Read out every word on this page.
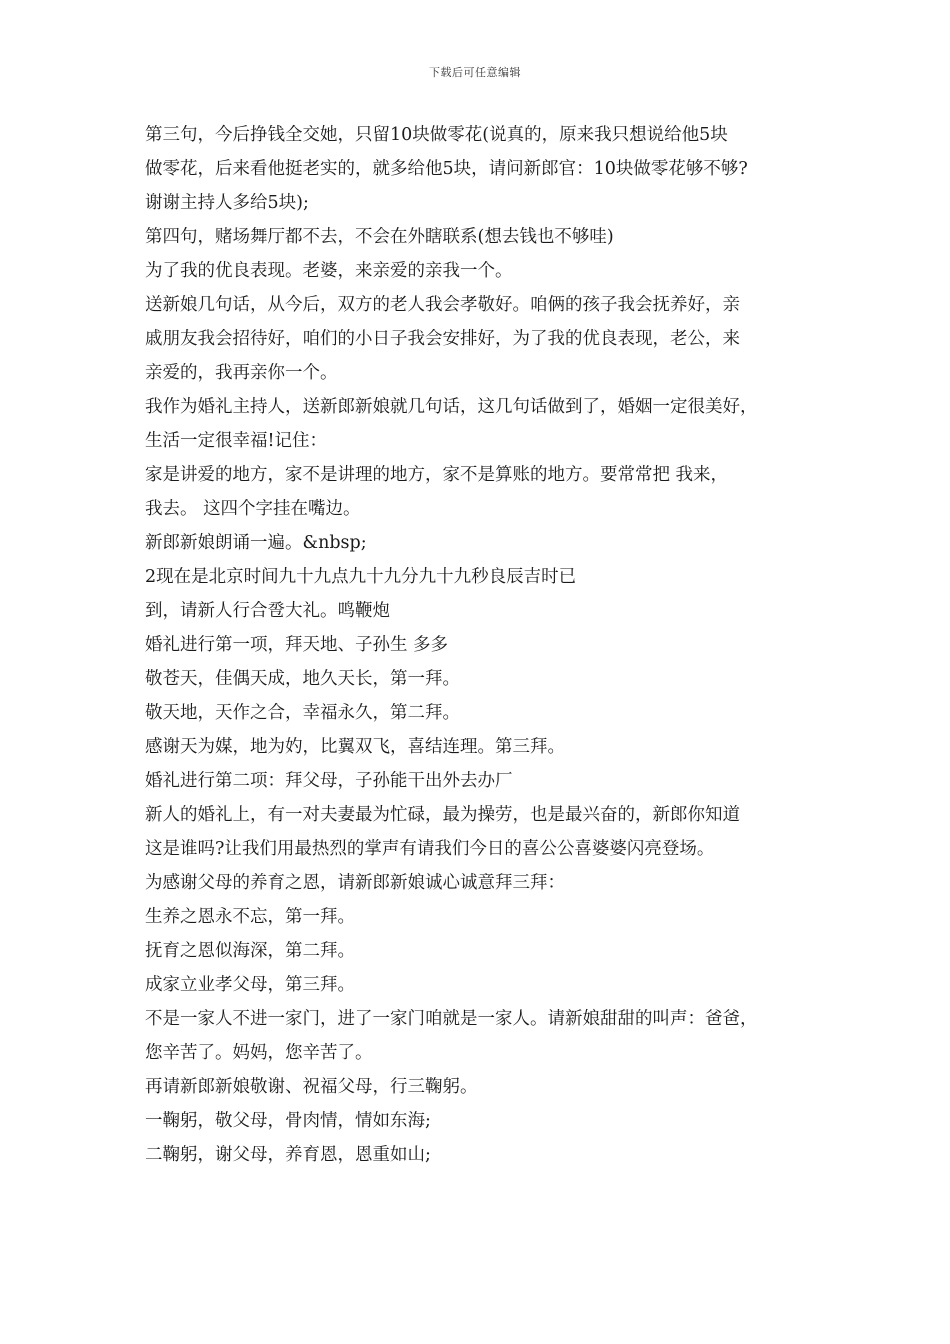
下载后可任意编辑
第三句，今后挣钱全交她，只留10块做零花(说真的，原来我只想说给他5块
做零花，后来看他挺老实的，就多给他5块，请问新郎官：10块做零花够不够?
谢谢主持人多给5块);
第四句，赌场舞厅都不去，不会在外瞎联系(想去钱也不够哇)
为了我的优良表现。老婆，来亲爱的亲我一个。
送新娘几句话，从今后，双方的老人我会孝敬好。咱俩的孩子我会抚养好，亲
戚朋友我会招待好，咱们的小日子我会安排好，为了我的优良表现，老公，来
亲爱的，我再亲你一个。
我作为婚礼主持人，送新郎新娘就几句话，这几句话做到了，婚姻一定很美好，
生活一定很幸福!记住：
家是讲爱的地方，家不是讲理的地方，家不是算账的地方。要常常把 我来，
我去。 这四个字挂在嘴边。
新郎新娘朗诵一遍。&nbsp;
2现在是北京时间九十九点九十九分九十九秒良辰吉时已
到，请新人行合卺大礼。鸣鞭炮
婚礼进行第一项，拜天地、子孙生 多多
敬苍天，佳偶天成，地久天长，第一拜。
敬天地，天作之合，幸福永久，第二拜。
感谢天为媒，地为妁，比翼双飞，喜结连理。第三拜。
婚礼进行第二项：拜父母，子孙能干出外去办厂
新人的婚礼上，有一对夫妻最为忙碌，最为操劳，也是最兴奋的，新郎你知道
这是谁吗?让我们用最热烈的掌声有请我们今日的喜公公喜婆婆闪亮登场。
为感谢父母的养育之恩，请新郎新娘诚心诚意拜三拜：
生养之恩永不忘，第一拜。
抚育之恩似海深，第二拜。
成家立业孝父母，第三拜。
不是一家人不进一家门，进了一家门咱就是一家人。请新娘甜甜的叫声：爸爸，
您辛苦了。妈妈，您辛苦了。
再请新郎新娘敬谢、祝福父母，行三鞠躬。
一鞠躬，敬父母，骨肉情，情如东海;
二鞠躬，谢父母，养育恩，恩重如山;
